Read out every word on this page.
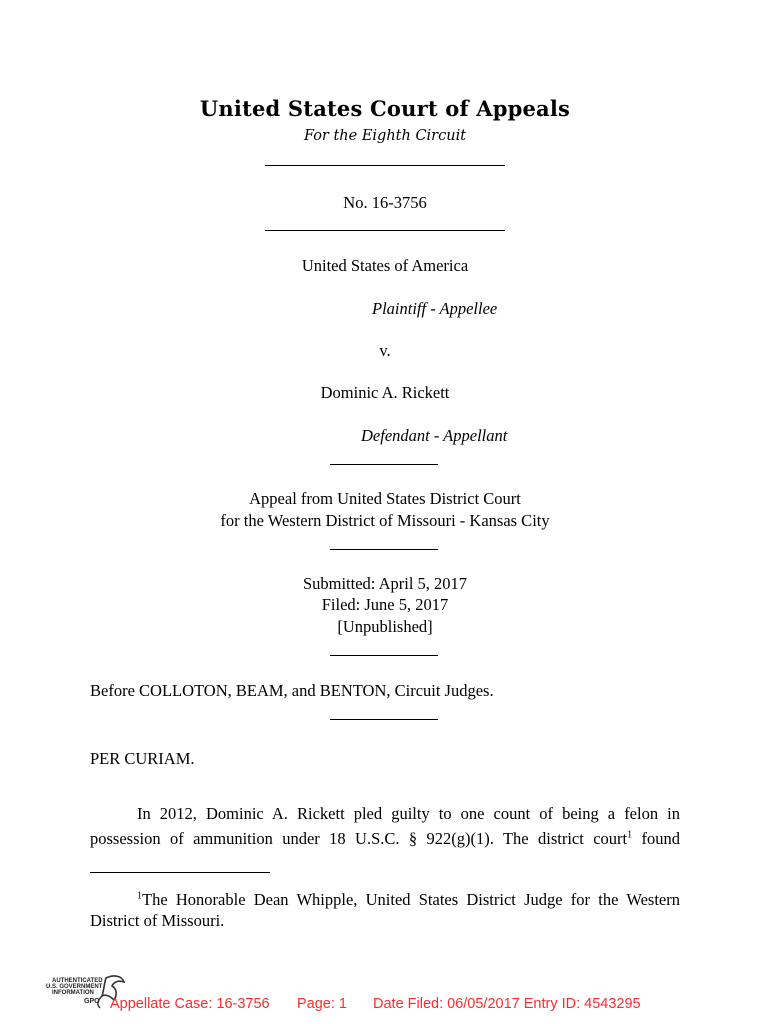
United States Court of Appeals
For the Eighth Circuit
No. 16-3756
United States of America
Plaintiff - Appellee
v.
Dominic A. Rickett
Defendant - Appellant
Appeal from United States District Court
for the Western District of Missouri - Kansas City
Submitted: April 5, 2017
Filed: June 5, 2017
[Unpublished]
Before COLLOTON, BEAM, and BENTON, Circuit Judges.
PER CURIAM.
In 2012, Dominic A. Rickett pled guilty to one count of being a felon in
possession of ammunition under 18 U.S.C. § 922(g)(1). The district court$^1$ found
$^1$The Honorable Dean Whipple, United States District Judge for the Western
District of Missouri.
AUTHENTICATED
U.S. GOVERNMENT
INFORMATION
GPO Appellate Case: 16-3756 Page: 1 Date Filed: 06/05/2017 Entry ID: 4543295
